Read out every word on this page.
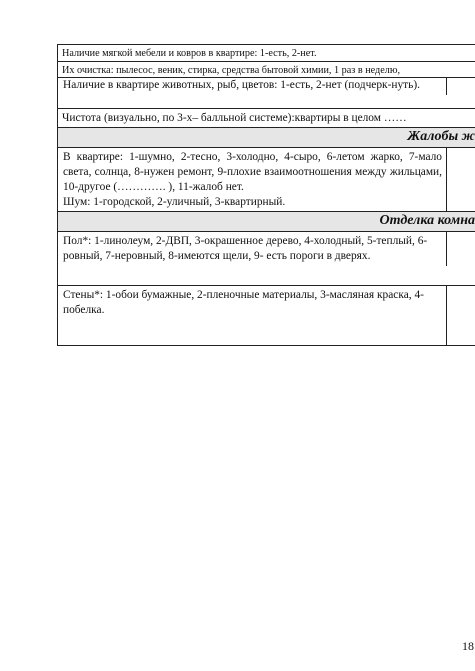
Наличие мягкой мебели и ковров в квартире: 1-есть, 2-нет.
Их очистка: пылесос, веник, стирка, средства бытовой химии, 1 раз в неделю,
Наличие в квартире животных, рыб, цветов: 1-есть, 2-нет (подчерк-нуть).
Чистота (визуально, по 3-х– балльной системе):квартиры в целом ……
Жалобы ж
В квартире: 1-шумно, 2-тесно, 3-холодно, 4-сыро, 6-летом жарко, 7-мало света, солнца, 8-нужен ремонт, 9-плохие взаимоотношения между жильцами, 10-другое (…………. ), 11-жалоб нет.
Шум: 1-городской, 2-уличный, 3-квартирный.
Отделка комна
Пол*: 1-линолеум, 2-ДВП, 3-окрашенное дерево, 4-холодный, 5-теплый, 6-ровный, 7-неровный, 8-имеются щели, 9- есть пороги в дверях.
Стены*: 1-обои бумажные, 2-пленочные материалы, 3-масляная краска, 4-побелка.
18
